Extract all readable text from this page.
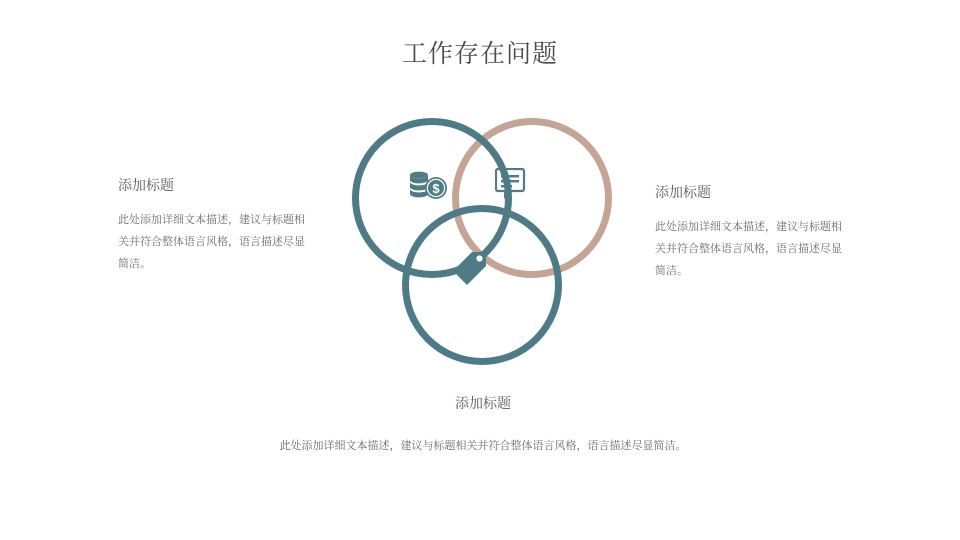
工作存在问题
$

添加标题

此处添加详细文本描述，建议与标题相关并符合整体语言风格，语言描述尽显简洁。

添加标题

此处添加详细文本描述，建议与标题相关并符合整体语言风格，语言描述尽显简洁。

添加标题

此处添加详细文本描述，建议与标题相关并符合整体语言风格，语言描述尽显简洁。
